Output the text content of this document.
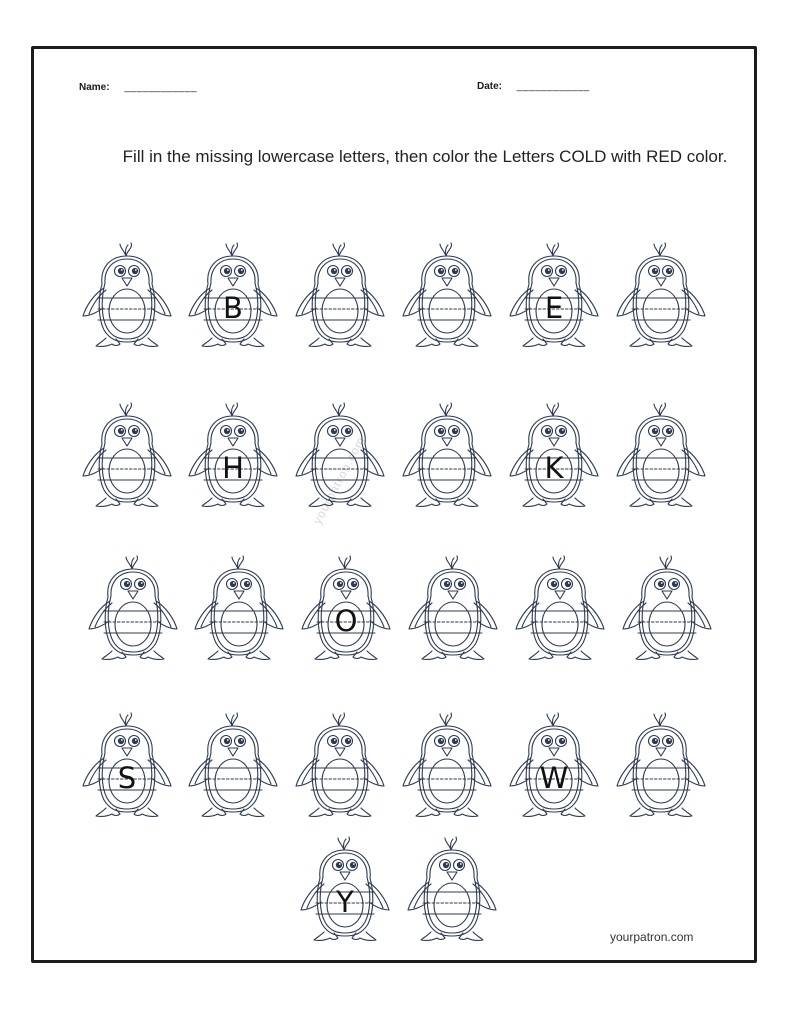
Name: ____________	Date: ____________
Fill in the missing lowercase letters, then color the Letters COLD with RED color.
yourpatron.com
B	E
H	K
O
S	W
Y
yourpatron.com
